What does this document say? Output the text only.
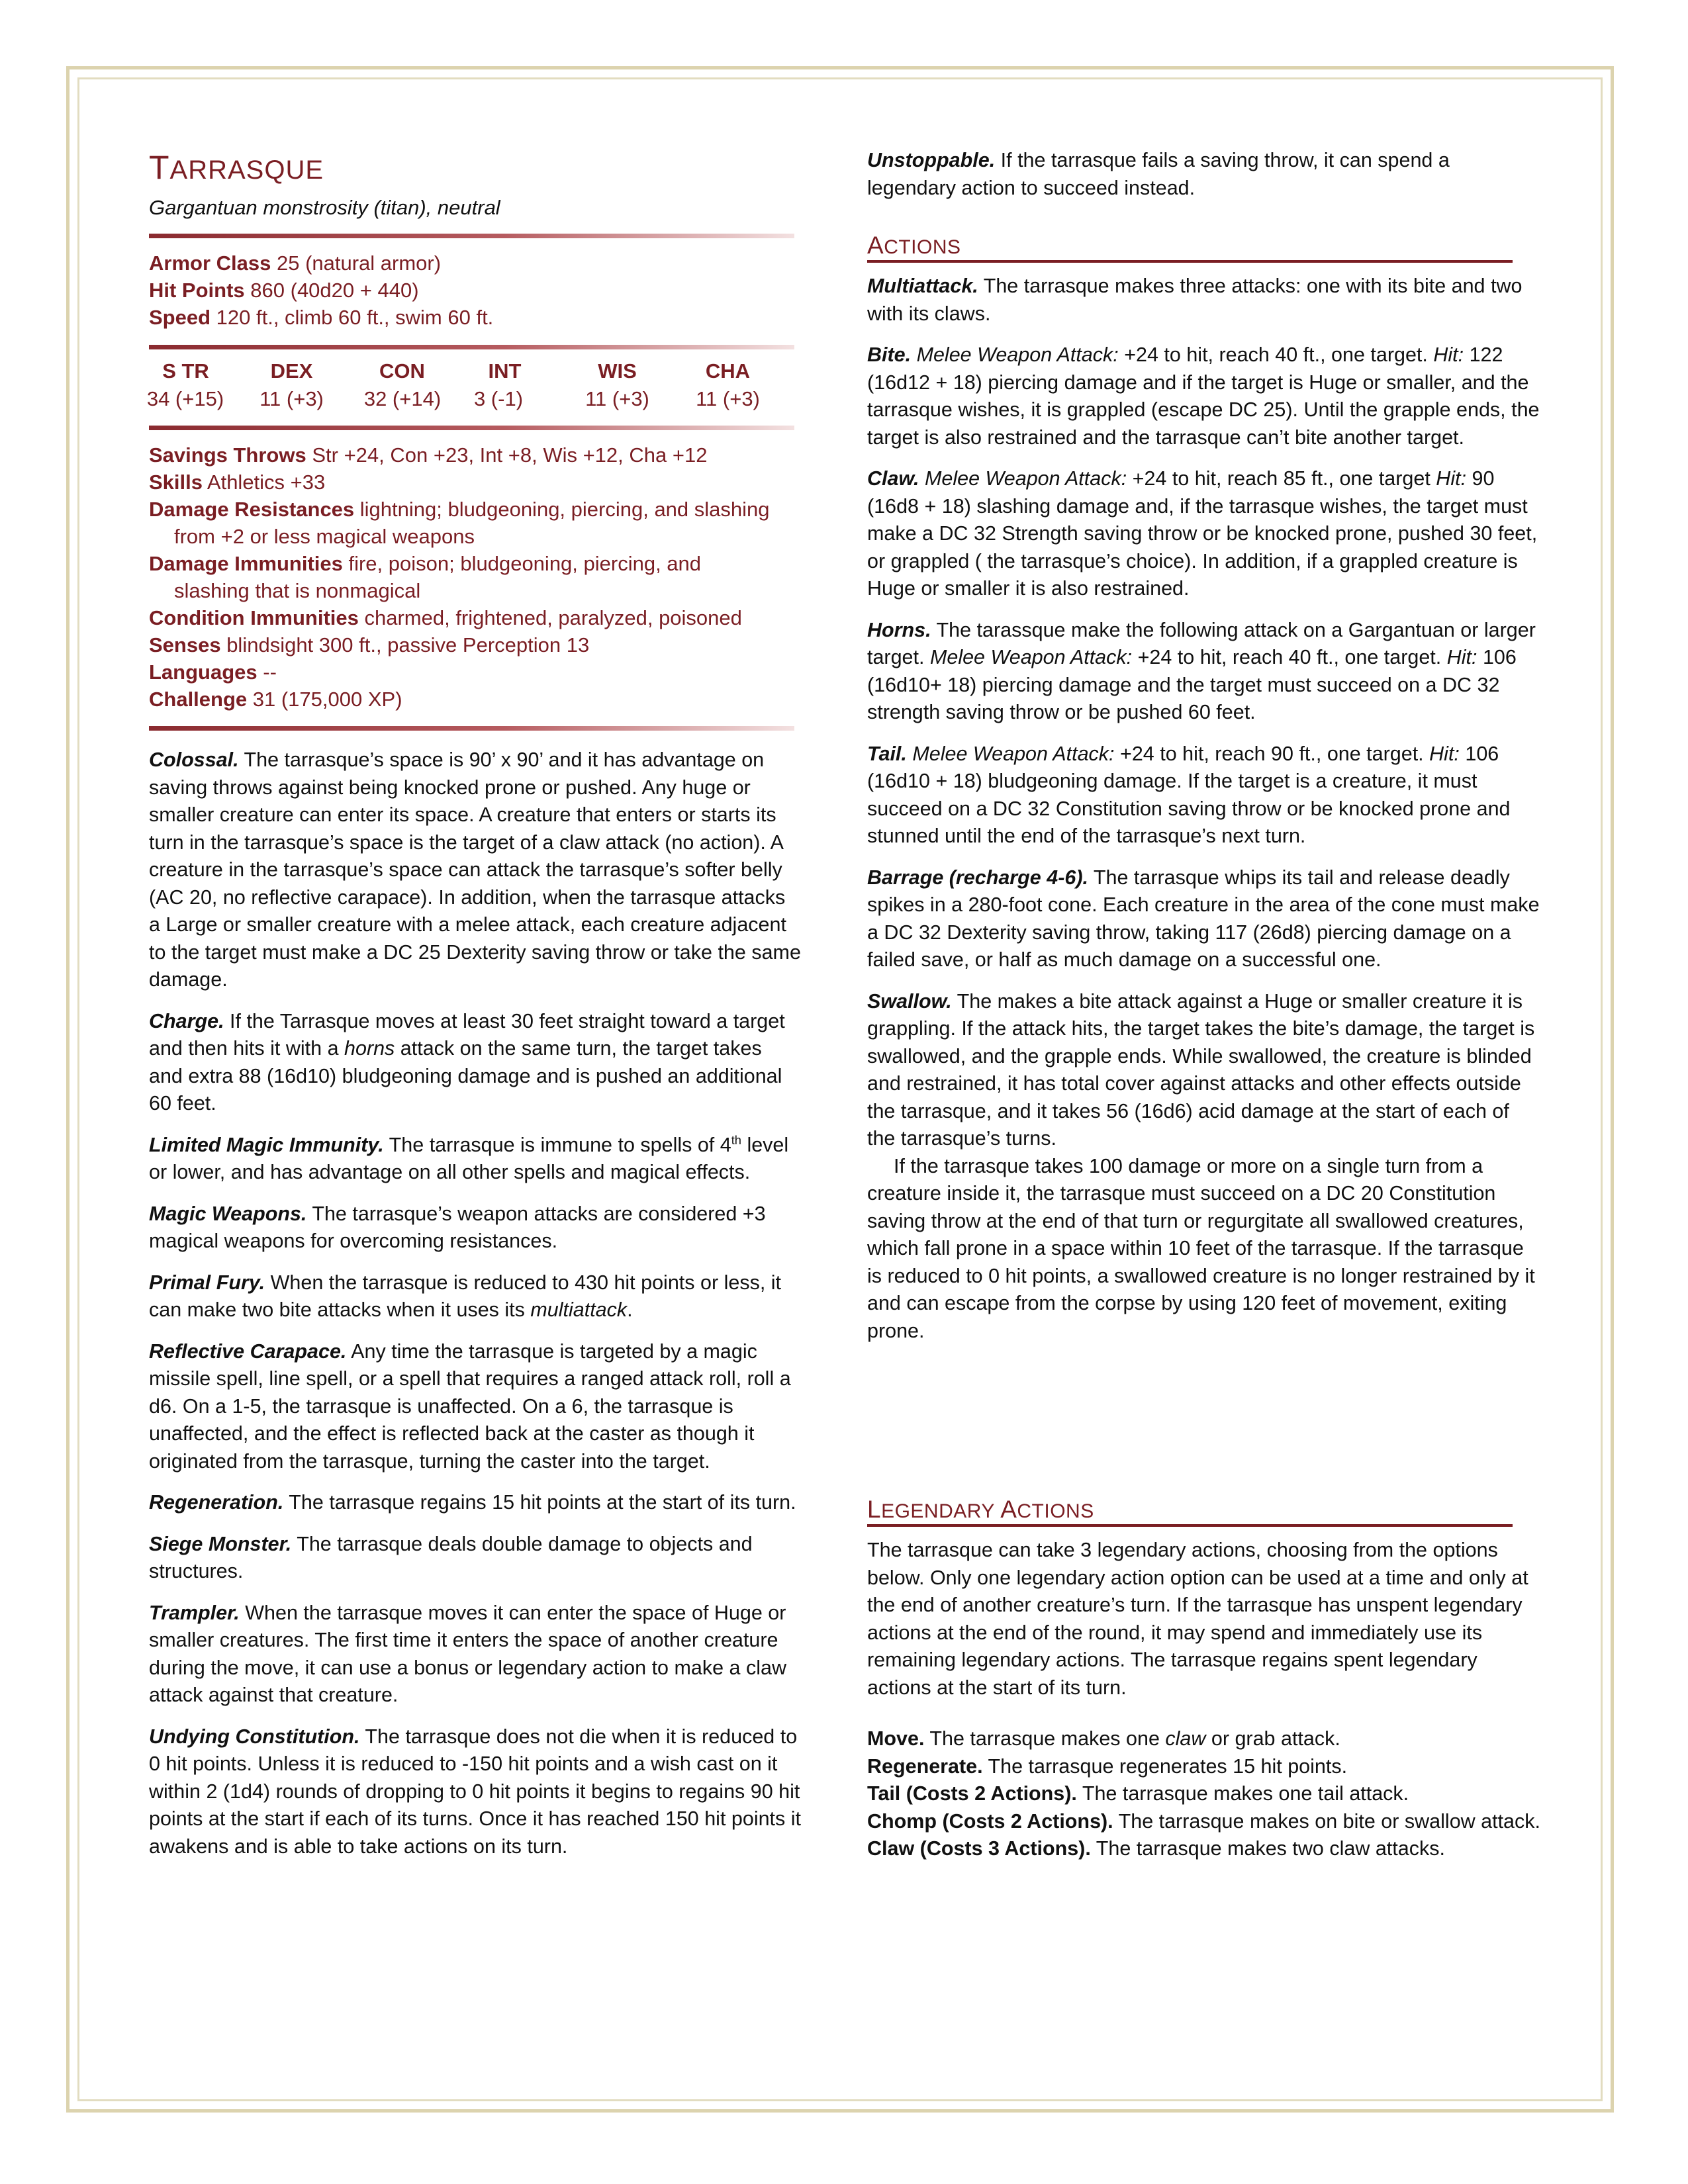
TARRASQUE
Gargantuan monstrosity (titan), neutral
Armor Class 25 (natural armor)
Hit Points 860 (40d20 + 440)
Speed 120 ft., climb 60 ft., swim 60 ft.
S TR	DEX	CON	INT	WIS	CHA
34 (+15)	11 (+3)	32 (+14)	3 (-1)	11 (+3)	11 (+3)
Savings Throws Str +24, Con +23, Int +8, Wis +12, Cha +12
Skills Athletics +33
Damage Resistances lightning; bludgeoning, piercing, and slashing
from +2 or less magical weapons
Damage Immunities fire, poison; bludgeoning, piercing, and
slashing that is nonmagical
Condition Immunities charmed, frightened, paralyzed, poisoned
Senses blindsight 300 ft., passive Perception 13
Languages --
Challenge 31 (175,000 XP)

Colossal. The tarrasque’s space is 90’ x 90’ and it has advantage on saving throws against being knocked prone or pushed. Any huge or smaller creature can enter its space. A creature that enters or starts its turn in the tarrasque’s space is the target of a claw attack (no action). A creature in the tarrasque’s space can attack the tarrasque’s softer belly (AC 20, no reflective carapace). In addition, when the tarrasque attacks a Large or smaller creature with a melee attack, each creature adjacent to the target must make a DC 25 Dexterity saving throw or take the same damage.

Charge. If the Tarrasque moves at least 30 feet straight toward a target and then hits it with a horns attack on the same turn, the target takes and extra 88 (16d10) bludgeoning damage and is pushed an additional 60 feet.

Limited Magic Immunity. The tarrasque is immune to spells of 4th level or lower, and has advantage on all other spells and magical effects.

Magic Weapons. The tarrasque’s weapon attacks are considered +3 magical weapons for overcoming resistances.

Primal Fury. When the tarrasque is reduced to 430 hit points or less, it can make two bite attacks when it uses its multiattack.

Reflective Carapace. Any time the tarrasque is targeted by a magic missile spell, line spell, or a spell that requires a ranged attack roll, roll a d6. On a 1-5, the tarrasque is unaffected. On a 6, the tarrasque is unaffected, and the effect is reflected back at the caster as though it originated from the tarrasque, turning the caster into the target.

Regeneration. The tarrasque regains 15 hit points at the start of its turn.

Siege Monster. The tarrasque deals double damage to objects and structures.

Trampler. When the tarrasque moves it can enter the space of Huge or smaller creatures. The first time it enters the space of another creature during the move, it can use a bonus or legendary action to make a claw attack against that creature.

Undying Constitution. The tarrasque does not die when it is reduced to 0 hit points. Unless it is reduced to -150 hit points and a wish cast on it within 2 (1d4) rounds of dropping to 0 hit points it begins to regains 90 hit points at the start if each of its turns. Once it has reached 150 hit points it awakens and is able to take actions on its turn.

Unstoppable. If the tarrasque fails a saving throw, it can spend a legendary action to succeed instead.

ACTIONS

Multiattack. The tarrasque makes three attacks: one with its bite and two with its claws.

Bite. Melee Weapon Attack: +24 to hit, reach 40 ft., one target. Hit: 122 (16d12 + 18) piercing damage and if the target is Huge or smaller, and the tarrasque wishes, it is grappled (escape DC 25). Until the grapple ends, the target is also restrained and the tarrasque can’t bite another target.

Claw. Melee Weapon Attack: +24 to hit, reach 85 ft., one target Hit: 90 (16d8 + 18) slashing damage and, if the tarrasque wishes, the target must make a DC 32 Strength saving throw or be knocked prone, pushed 30 feet, or grappled ( the tarrasque’s choice). In addition, if a grappled creature is Huge or smaller it is also restrained.

Horns. The tarassque make the following attack on a Gargantuan or larger target. Melee Weapon Attack: +24 to hit, reach 40 ft., one target. Hit: 106 (16d10+ 18) piercing damage and the target must succeed on a DC 32 strength saving throw or be pushed 60 feet.

Tail. Melee Weapon Attack: +24 to hit, reach 90 ft., one target. Hit: 106 (16d10 + 18) bludgeoning damage. If the target is a creature, it must succeed on a DC 32 Constitution saving throw or be knocked prone and stunned until the end of the tarrasque’s next turn.

Barrage (recharge 4-6). The tarrasque whips its tail and release deadly spikes in a 280-foot cone. Each creature in the area of the cone must make a DC 32 Dexterity saving throw, taking 117 (26d8) piercing damage on a failed save, or half as much damage on a successful one.

Swallow. The makes a bite attack against a Huge or smaller creature it is grappling. If the attack hits, the target takes the bite’s damage, the target is swallowed, and the grapple ends. While swallowed, the creature is blinded and restrained, it has total cover against attacks and other effects outside the tarrasque, and it takes 56 (16d6) acid damage at the start of each of the tarrasque’s turns.

If the tarrasque takes 100 damage or more on a single turn from a creature inside it, the tarrasque must succeed on a DC 20 Constitution saving throw at the end of that turn or regurgitate all swallowed creatures, which fall prone in a space within 10 feet of the tarrasque. If the tarrasque is reduced to 0 hit points, a swallowed creature is no longer restrained by it and can escape from the corpse by using 120 feet of movement, exiting prone.

LEGENDARY ACTIONS

The tarrasque can take 3 legendary actions, choosing from the options below. Only one legendary action option can be used at a time and only at the end of another creature’s turn. If the tarrasque has unspent legendary actions at the end of the round, it may spend and immediately use its remaining legendary actions. The tarrasque regains spent legendary actions at the start of its turn.

Move. The tarrasque makes one claw or grab attack.

Regenerate. The tarrasque regenerates 15 hit points.

Tail (Costs 2 Actions). The tarrasque makes one tail attack.

Chomp (Costs 2 Actions). The tarrasque makes on bite or swallow attack.

Claw (Costs 3 Actions). The tarrasque makes two claw attacks.
